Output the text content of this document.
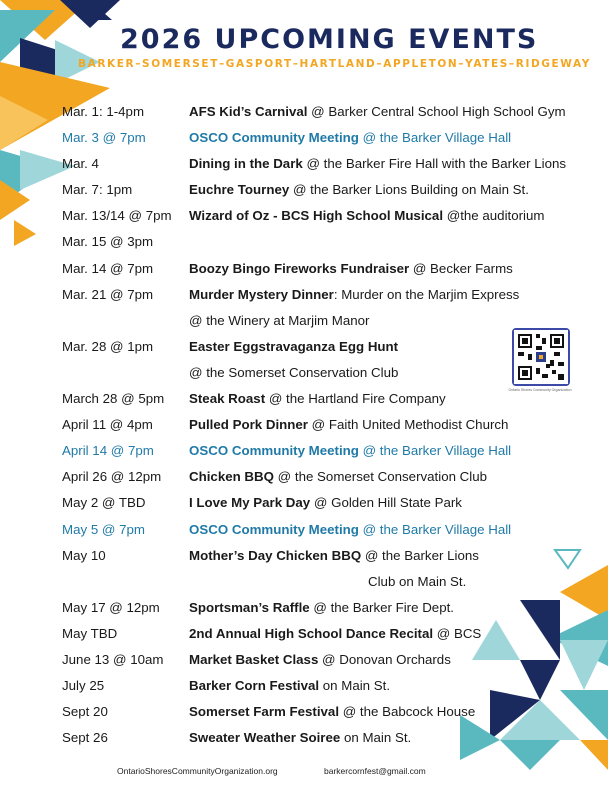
2026 UPCOMING EVENTS
BARKER–SOMERSET–GASPORT–HARTLAND–APPLETON–YATES–RIDGEWAY
Mar. 1: 1-4pm	AFS Kid’s Carnival @ Barker Central School High School Gym
Mar. 3 @ 7pm	OSCO Community Meeting @ the Barker Village Hall
Mar. 4	Dining in the Dark @ the Barker Fire Hall with the Barker Lions
Mar. 7: 1pm	Euchre Tourney @ the Barker Lions Building on Main St.
Mar. 13/14 @ 7pm Wizard of Oz - BCS High School Musical @the auditorium
Mar. 15 @ 3pm
Mar. 14 @ 7pm	Boozy Bingo Fireworks Fundraiser @ Becker Farms
Mar. 21 @ 7pm	Murder Mystery Dinner: Murder on the Marjim Express
@ the Winery at Marjim Manor
Mar. 28 @ 1pm	Easter Eggstravaganza Egg Hunt
@ the Somerset Conservation Club
March 28 @ 5pm Steak Roast @ the Hartland Fire Company
April 11 @ 4pm	Pulled Pork Dinner @ Faith United Methodist Church
April 14 @ 7pm	OSCO Community Meeting @ the Barker Village Hall
April 26 @ 12pm Chicken BBQ @ the Somerset Conservation Club
May 2 @ TBD	I Love My Park Day @ Golden Hill State Park
May 5 @ 7pm	OSCO Community Meeting @ the Barker Village Hall
May 10	Mother’s Day Chicken BBQ @ the Barker Lions
Club on Main St.
May 17 @ 12pm Sportsman’s Raffle @ the Barker Fire Dept.
May TBD	2nd Annual High School Dance Recital @ BCS
June 13 @ 10am Market Basket Class @ Donovan Orchards
July 25	Barker Corn Festival on Main St.
Sept 20	Somerset Farm Festival @ the Babcock House
Sept 26	Sweater Weather Soiree on Main St.
Ontario Shores Community Organization
OntarioShoresCommunityOrganization.org	barkercornfest@gmail.com
